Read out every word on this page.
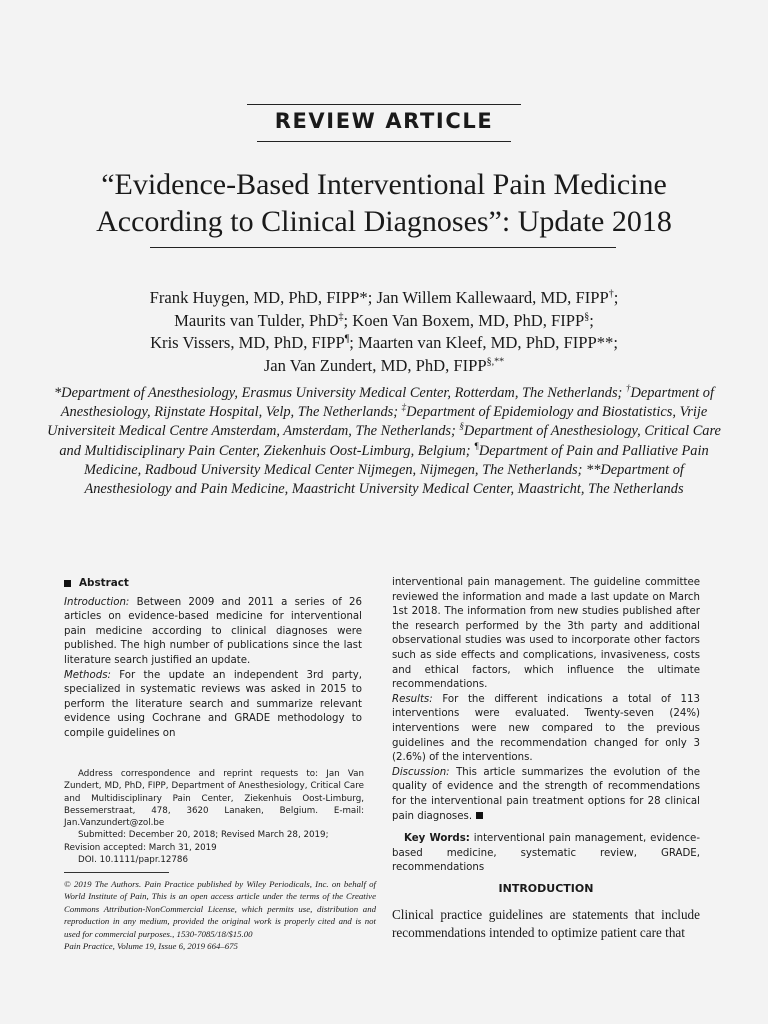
REVIEW ARTICLE
“Evidence-Based Interventional Pain Medicine
According to Clinical Diagnoses”: Update 2018
Frank Huygen, MD, PhD, FIPP*; Jan Willem Kallewaard, MD, FIPP†;
Maurits van Tulder, PhD‡; Koen Van Boxem, MD, PhD, FIPP§;
Kris Vissers, MD, PhD, FIPP¶; Maarten van Kleef, MD, PhD, FIPP**;
Jan Van Zundert, MD, PhD, FIPP§,**
*Department of Anesthesiology, Erasmus University Medical Center, Rotterdam, The Netherlands; †Department of Anesthesiology, Rijnstate Hospital, Velp, The Netherlands; ‡Department of Epidemiology and Biostatistics, Vrije Universiteit Medical Centre Amsterdam, Amsterdam, The Netherlands; §Department of Anesthesiology, Critical Care and Multidisciplinary Pain Center, Ziekenhuis Oost-Limburg, Belgium; ¶Department of Pain and Palliative Pain Medicine, Radboud University Medical Center Nijmegen, Nijmegen, The Netherlands; **Department of Anesthesiology and Pain Medicine, Maastricht University Medical Center, Maastricht, The Netherlands
Abstract

Introduction: Between 2009 and 2011 a series of 26 articles on evidence-based medicine for interventional pain medicine according to clinical diagnoses were published. The high number of publications since the last literature search justified an update.

Methods: For the update an independent 3rd party, specialized in systematic reviews was asked in 2015 to perform the literature search and summarize relevant evidence using Cochrane and GRADE methodology to compile guidelines on

Address correspondence and reprint requests to: Jan Van Zundert, MD, PhD, FIPP, Department of Anesthesiology, Critical Care and Multidisciplinary Pain Center, Ziekenhuis Oost-Limburg, Bessemerstraat, 478, 3620 Lanaken, Belgium. E-mail: Jan.Vanzundert@zol.be

Submitted: December 20, 2018; Revised March 28, 2019;

Revision accepted: March 31, 2019

DOI. 10.1111/papr.12786

© 2019 The Authors. Pain Practice published by Wiley Periodicals, Inc. on behalf of World Institute of Pain, This is an open access article under the terms of the Creative Commons Attribution-NonCommercial License, which permits use, distribution and reproduction in any medium, provided the original work is properly cited and is not used for commercial purposes., 1530-7085/18/$15.00
Pain Practice, Volume 19, Issue 6, 2019 664–675

interventional pain management. The guideline committee reviewed the information and made a last update on March 1st 2018. The information from new studies published after the research performed by the 3th party and additional observational studies was used to incorporate other factors such as side effects and complications, invasiveness, costs and ethical factors, which influence the ultimate recommendations.

Results: For the different indications a total of 113 interventions were evaluated. Twenty-seven (24%) interventions were new compared to the previous guidelines and the recommendation changed for only 3 (2.6%) of the interventions.

Discussion: This article summarizes the evolution of the quality of evidence and the strength of recommendations for the interventional pain treatment options for 28 clinical pain diagnoses.

Key Words: interventional pain management, evidence-based medicine, systematic review, GRADE, recommendations
INTRODUCTION
Clinical practice guidelines are statements that include recommendations intended to optimize patient care that
